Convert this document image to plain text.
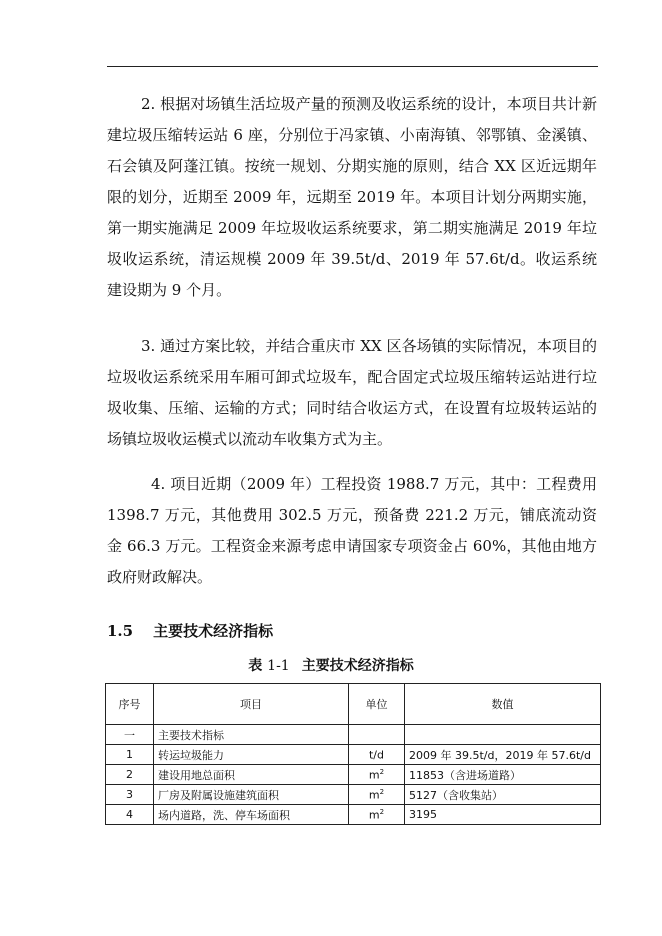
2. 根据对场镇生活垃圾产量的预测及收运系统的设计，本项目共计新建垃圾压缩转运站 6 座，分别位于冯家镇、小南海镇、邻鄂镇、金溪镇、石会镇及阿蓬江镇。按统一规划、分期实施的原则，结合 XX 区近远期年限的划分，近期至 2009 年，远期至 2019 年。本项目计划分两期实施，第一期实施满足 2009 年垃圾收运系统要求，第二期实施满足 2019 年垃圾收运系统，清运规模 2009 年 39.5t/d、2019 年 57.6t/d。收运系统建设期为 9 个月。

3. 通过方案比较，并结合重庆市 XX 区各场镇的实际情况，本项目的垃圾收运系统采用车厢可卸式垃圾车，配合固定式垃圾压缩转运站进行垃圾收集、压缩、运输的方式；同时结合收运方式，在设置有垃圾转运站的场镇垃圾收运模式以流动车收集方式为主。

4. 项目近期（2009 年）工程投资 1988.7 万元，其中：工程费用 1398.7 万元，其他费用 302.5 万元，预备费 221.2 万元，铺底流动资金 66.3 万元。工程资金来源考虑申请国家专项资金占 60%，其他由地方政府财政解决。

1.5 主要技术经济指标

表 1-1 主要技术经济指标

序号	项目	单位	数值
一	主要技术指标		
1	转运垃圾能力	t/d	2009 年 39.5t/d，2019 年 57.6t/d
2	建设用地总面积	$m^2$	11853（含进场道路）
3	厂房及附属设施建筑面积	$m^2$	5127（含收集站）
4	场内道路，洗、停车场面积	$m^2$	3195
